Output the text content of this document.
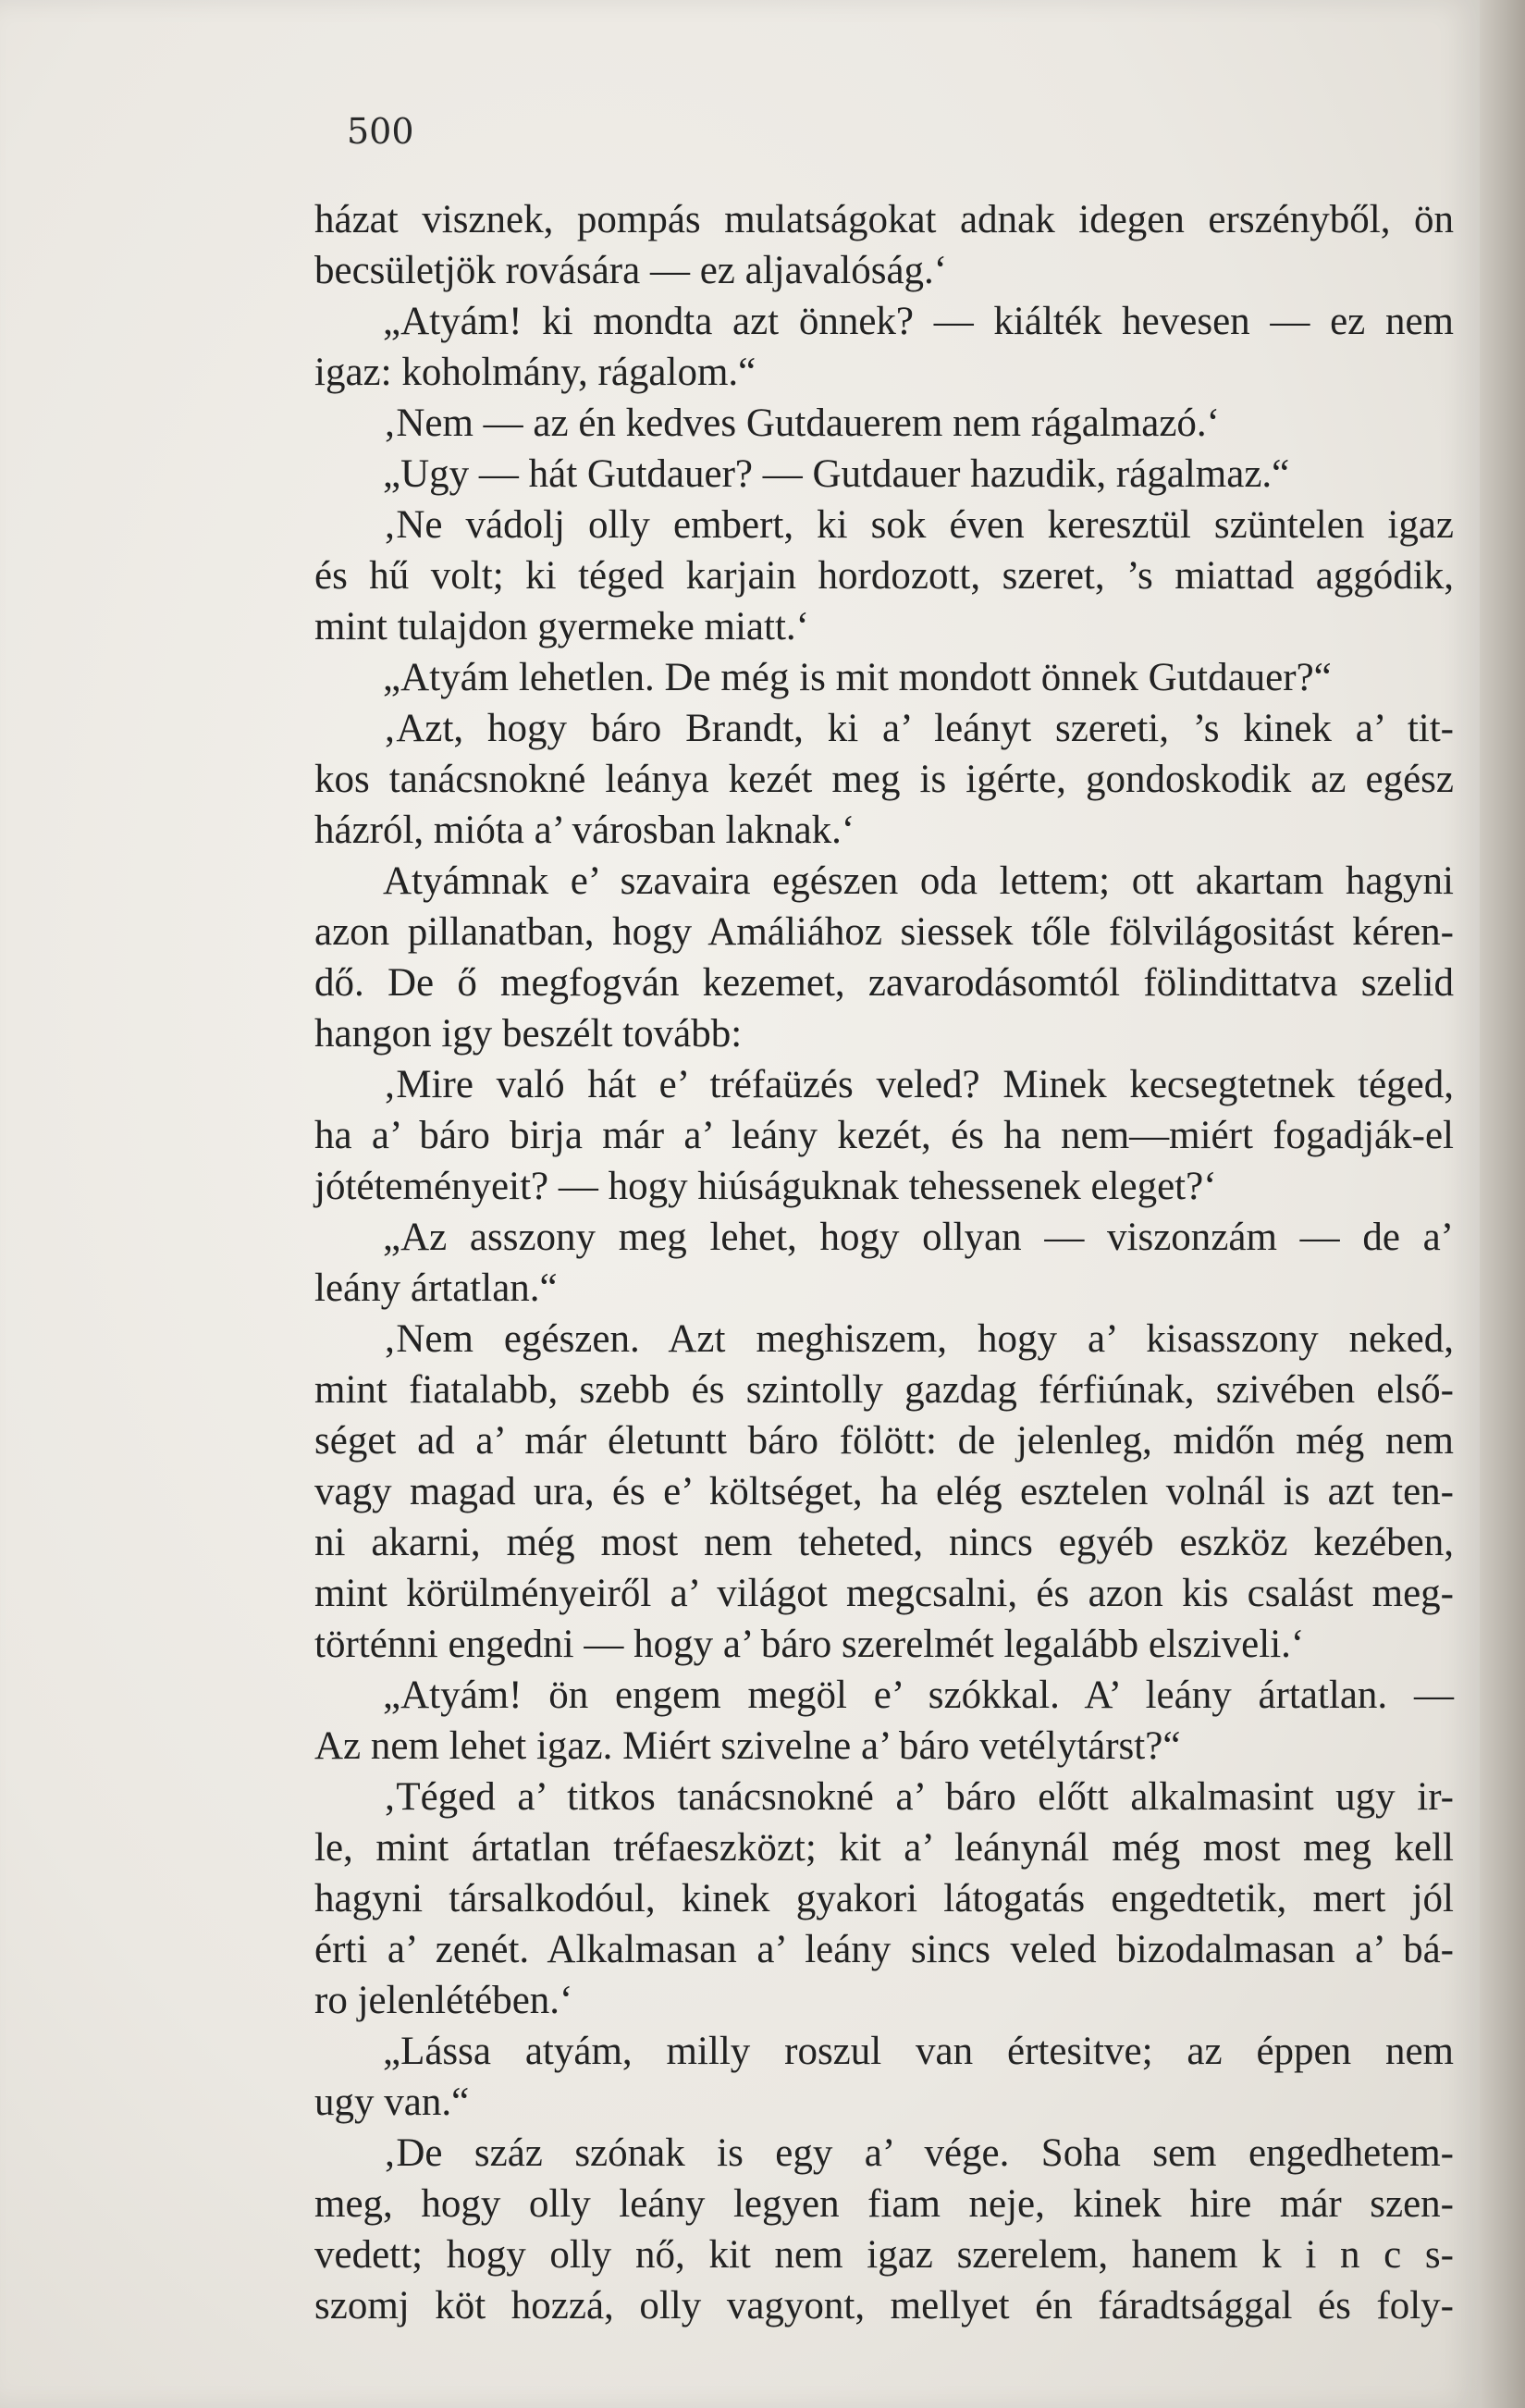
500
házat visznek, pompás mulatságokat adnak idegen erszényből, ön
becsületjök rovására — ez aljavalóság.‘
„Atyám! ki mondta azt önnek? — kiálték hevesen — ez nem
igaz: koholmány, rágalom.“
‚Nem — az én kedves Gutdauerem nem rágalmazó.‘
„Ugy — hát Gutdauer? — Gutdauer hazudik, rágalmaz.“
‚Ne vádolj olly embert, ki sok éven keresztül szüntelen igaz
és hű volt; ki téged karjain hordozott, szeret, ’s miattad aggódik,
mint tulajdon gyermeke miatt.‘
„Atyám lehetlen. De még is mit mondott önnek Gutdauer?“
‚Azt, hogy báro Brandt, ki a’ leányt szereti, ’s kinek a’ tit-
kos tanácsnokné leánya kezét meg is igérte, gondoskodik az egész
házról, mióta a’ városban laknak.‘
Atyámnak e’ szavaira egészen oda lettem; ott akartam hagyni
azon pillanatban, hogy Amáliához siessek tőle fölvilágositást kéren-
dő. De ő megfogván kezemet, zavarodásomtól fölindittatva szelid
hangon igy beszélt tovább:
‚Mire való hát e’ tréfaüzés veled? Minek kecsegtetnek téged,
ha a’ báro birja már a’ leány kezét, és ha nem—miért fogadják-el
jótéteményeit? — hogy hiúságuknak tehessenek eleget?‘
„Az asszony meg lehet, hogy ollyan — viszonzám — de a’
leány ártatlan.“
‚Nem egészen. Azt meghiszem, hogy a’ kisasszony neked,
mint fiatalabb, szebb és szintolly gazdag férfiúnak, szivében első-
séget ad a’ már életuntt báro fölött: de jelenleg, midőn még nem
vagy magad ura, és e’ költséget, ha elég esztelen volnál is azt ten-
ni akarni, még most nem teheted, nincs egyéb eszköz kezében,
mint körülményeiről a’ világot megcsalni, és azon kis csalást meg-
történni engedni — hogy a’ báro szerelmét legalább elsziveli.‘
„Atyám! ön engem megöl e’ szókkal. A’ leány ártatlan. —
Az nem lehet igaz. Miért szivelne a’ báro vetélytárst?“
‚Téged a’ titkos tanácsnokné a’ báro előtt alkalmasint ugy ir-
le, mint ártatlan tréfaeszközt; kit a’ leánynál még most meg kell
hagyni társalkodóul, kinek gyakori látogatás engedtetik, mert jól
érti a’ zenét. Alkalmasan a’ leány sincs veled bizodalmasan a’ bá-
ro jelenlétében.‘
„Lássa atyám, milly roszul van értesitve; az éppen nem
ugy van.“
‚De száz szónak is egy a’ vége. Soha sem engedhetem-
meg, hogy olly leány legyen fiam neje, kinek hire már szen-
vedett; hogy olly nő, kit nem igaz szerelem, hanem k i n c s-
szomj köt hozzá, olly vagyont, mellyet én fáradtsággal és foly-
